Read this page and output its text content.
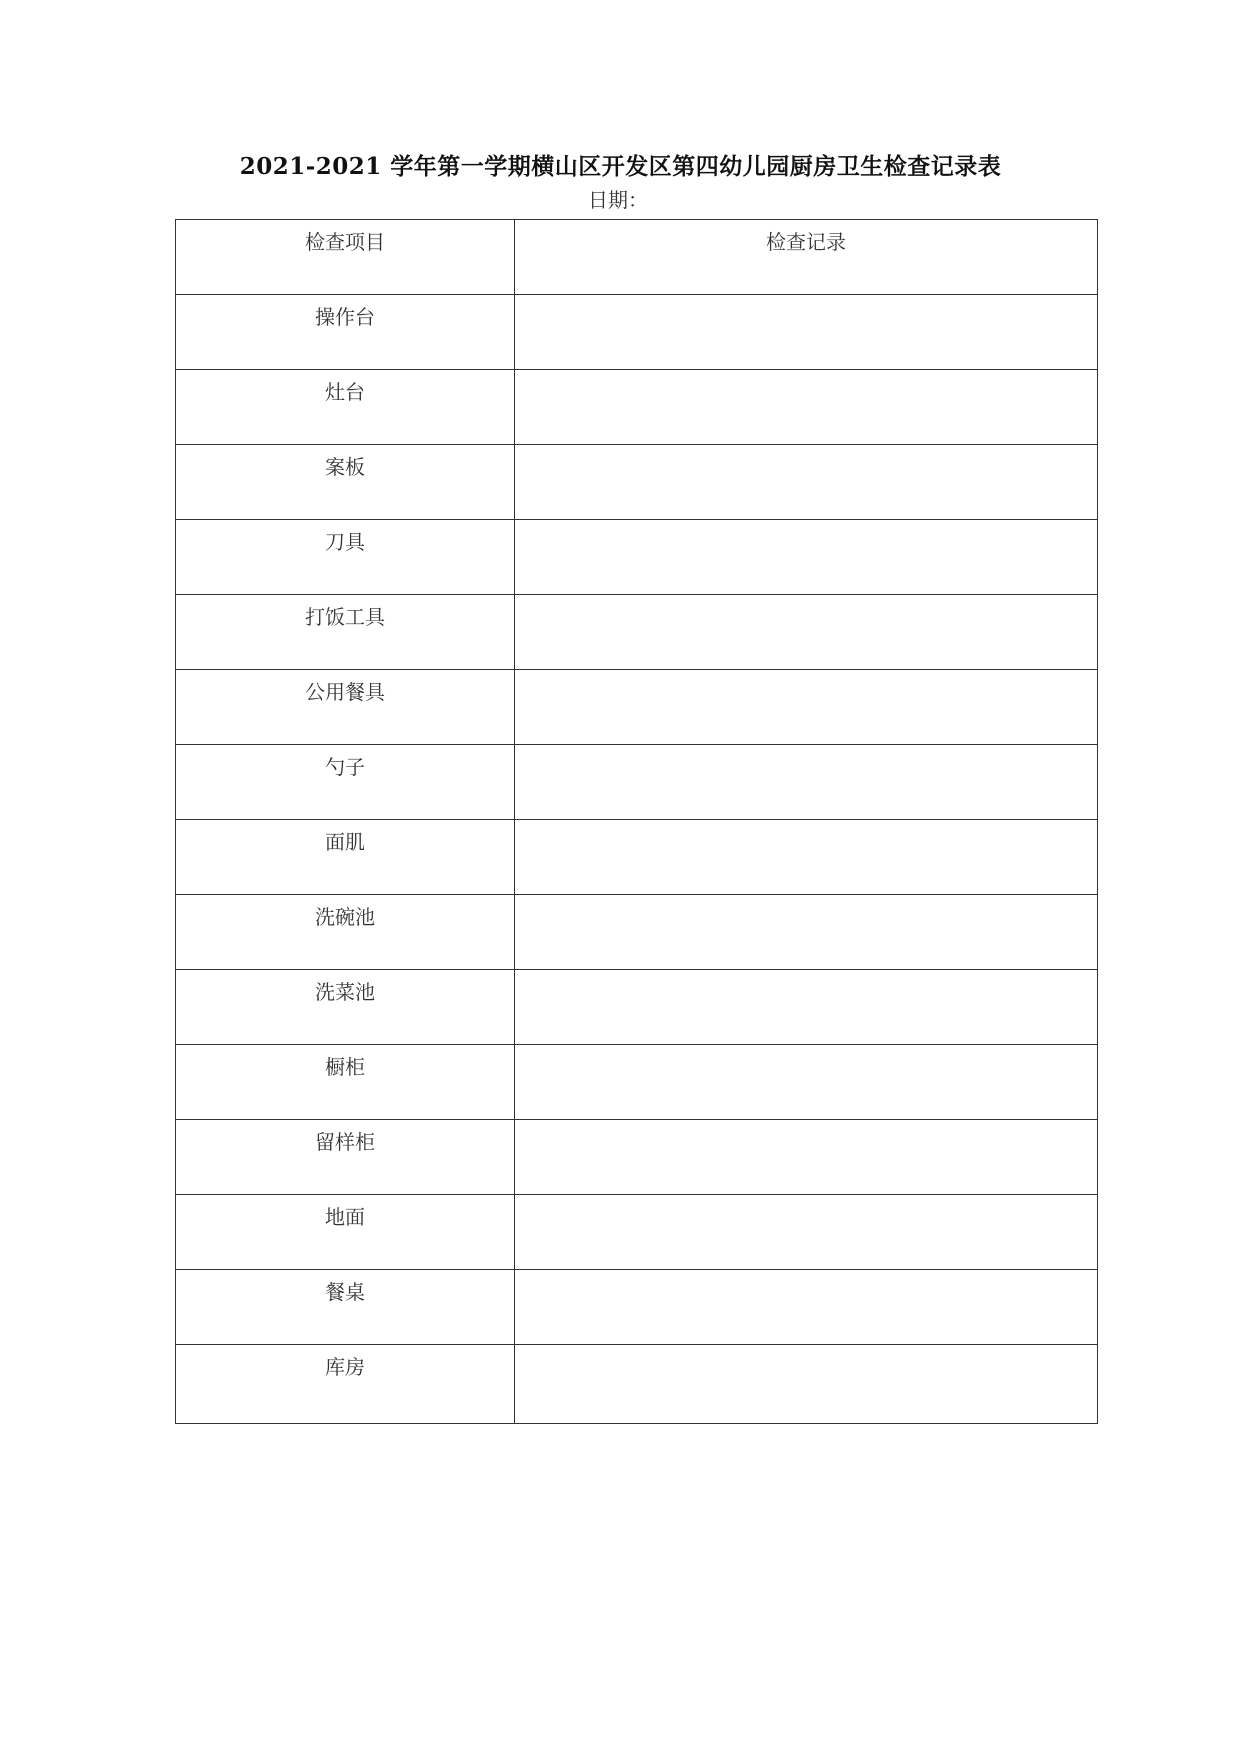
2021-2021 学年第一学期横山区开发区第四幼儿园厨房卫生检查记录表
日期：
检查项目	检查记录
操作台	
灶台	
案板	
刀具	
打饭工具	
公用餐具	
勺子	
面肌	
洗碗池	
洗菜池	
橱柜	
留样柜	
地面	
餐桌	
库房	
